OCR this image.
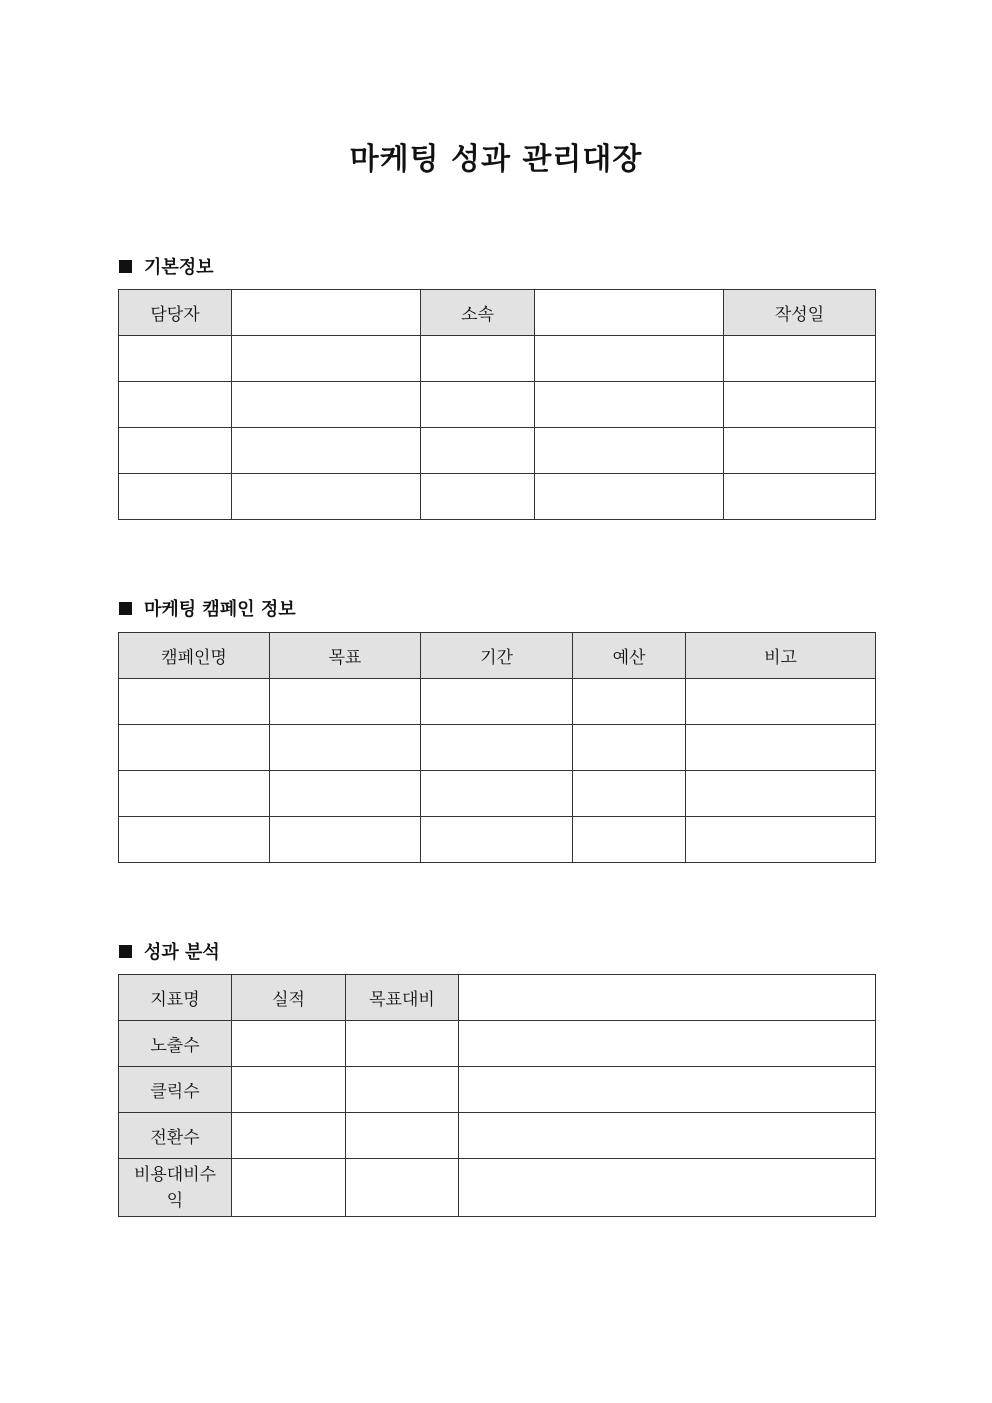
마케팅 성과 관리대장
기본정보
담당자		소속		작성일

마케팅 캠페인 정보
캠페인명	목표	기간	예산	비고

성과 분석
지표명	실적	목표대비	
노출수			
클릭수			
전환수			
비용대비수익			
